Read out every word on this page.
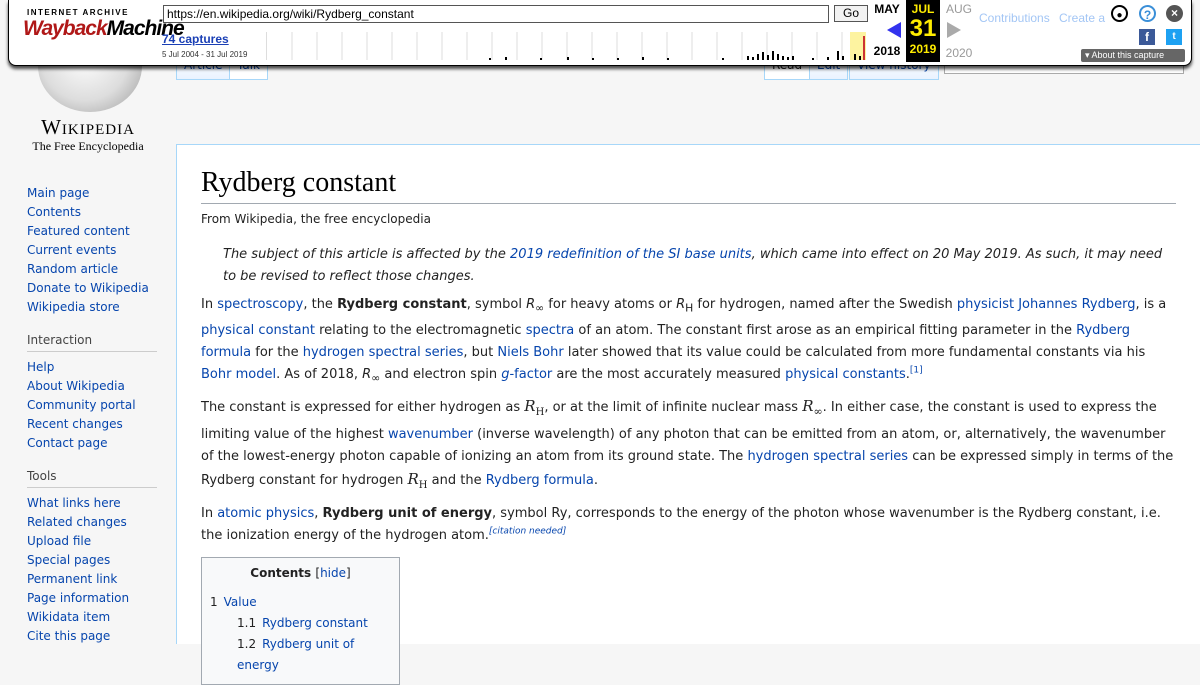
INTERNET ARCHIVE
WaybackMachine
https://en.wikipedia.org/wiki/Rydberg_constant	Go
74 captures
5 Jul 2004 - 31 Jul 2019
MAY
2018
JUL
31
2019
AUG
2020
Contributions Create a	●	?	×
f	t
▾ About this capture
Wikipedia
The Free Encyclopedia
Main page
Contents
Featured content
Current events
Random article
Donate to Wikipedia
Wikipedia store
Interaction
Help
About Wikipedia
Community portal
Recent changes
Contact page
Tools
What links here
Related changes
Upload file
Special pages
Permanent link
Page information
Wikidata item
Cite this page
Rydberg constant
From Wikipedia, the free encyclopedia
The subject of this article is affected by the 2019 redefinition of the SI base units, which came into effect on 20 May 2019. As such, it may need to be revised to reflect those changes.

In spectroscopy, the Rydberg constant, symbol $R_\infty$ for heavy atoms or $R_H$ for hydrogen, named after the Swedish physicist Johannes Rydberg, is a physical constant relating to the electromagnetic spectra of an atom. The constant first arose as an empirical fitting parameter in the Rydberg formula for the hydrogen spectral series, but Niels Bohr later showed that its value could be calculated from more fundamental constants via his Bohr model. As of 2018, $R_\infty$ and electron spin g-factor are the most accurately measured physical constants.[1]

The constant is expressed for either hydrogen as $R_H$, or at the limit of infinite nuclear mass $R_\infty$. In either case, the constant is used to express the limiting value of the highest wavenumber (inverse wavelength) of any photon that can be emitted from an atom, or, alternatively, the wavenumber of the lowest-energy photon capable of ionizing an atom from its ground state. The hydrogen spectral series can be expressed simply in terms of the Rydberg constant for hydrogen $R_H$ and the Rydberg formula.

In atomic physics, Rydberg unit of energy, symbol Ry, corresponds to the energy of the photon whose wavenumber is the Rydberg constant, i.e. the ionization energy of the hydrogen atom.[citation needed]

Contents [hide]
1 Value
1.1 Rydberg constant
1.2 Rydberg unit of energy
